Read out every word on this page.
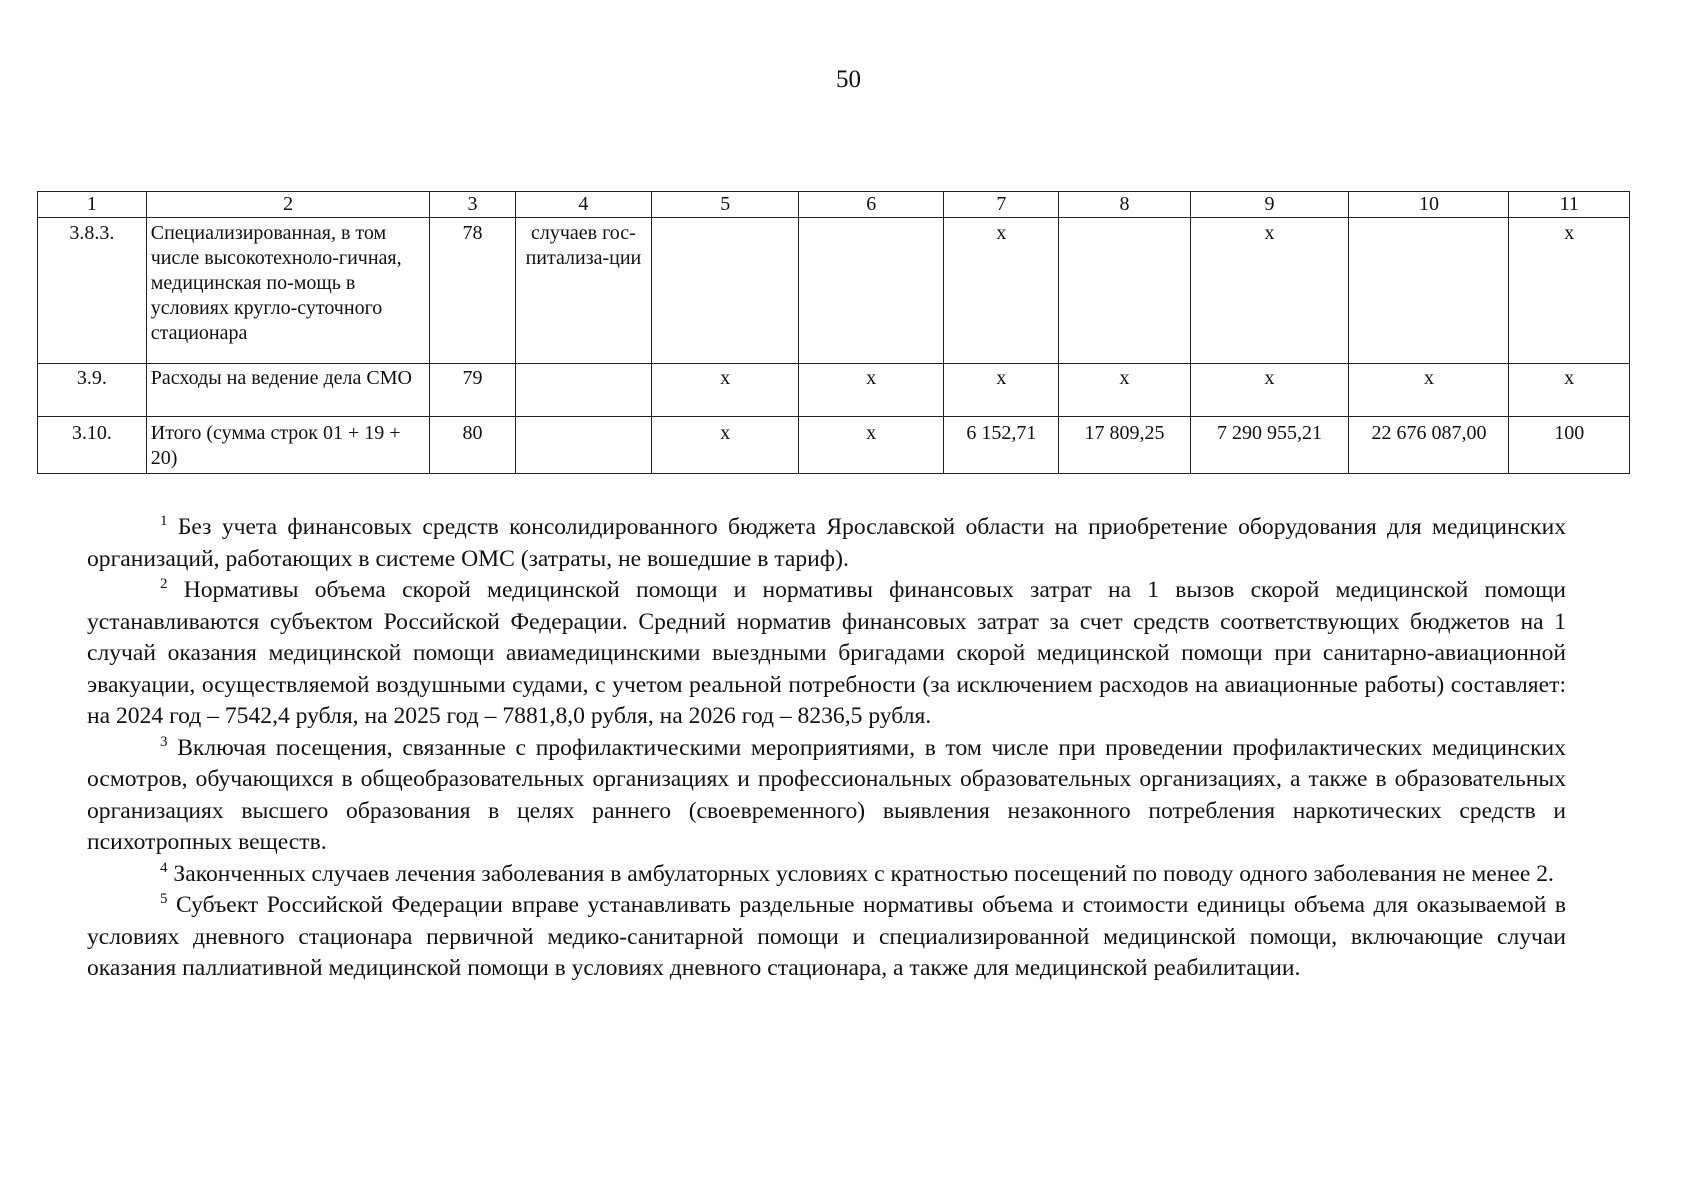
50
1	2	3	4	5	6	7	8	9	10	11
3.8.3.	Специализированная, в том числе высокотехноло-гичная, медицинская по-мощь в условиях кругло-суточного стационара	78	случаев гос-питализа-ции			х		х		х
3.9.	Расходы на ведение дела СМО	79		х	х	х	х	х	х	х
3.10.	Итого (сумма строк 01 + 19 + 20)	80		х	х	6 152,71	17 809,25	7 290 955,21	22 676 087,00	100

$^1$ Без учета финансовых средств консолидированного бюджета Ярославской области на приобретение оборудования для медицинских организаций, работающих в системе ОМС (затраты, не вошедшие в тариф).

$^2$ Нормативы объема скорой медицинской помощи и нормативы финансовых затрат на 1 вызов скорой медицинской помощи устанавливаются субъектом Российской Федерации. Средний норматив финансовых затрат за счет средств соответствующих бюджетов на 1 случай оказания медицинской помощи авиамедицинскими выездными бригадами скорой медицинской помощи при санитарно-авиационной эвакуации, осуществляемой воздушными судами, с учетом реальной потребности (за исключением расходов на авиационные работы) составляет: на 2024 год – 7542,4 рубля, на 2025 год – 7881,8,0 рубля, на 2026 год – 8236,5 рубля.

$^3$ Включая посещения, связанные с профилактическими мероприятиями, в том числе при проведении профилактических медицинских осмотров, обучающихся в общеобразовательных организациях и профессиональных образовательных организациях, а также в образовательных организациях высшего образования в целях раннего (своевременного) выявления незаконного потребления наркотических средств и психотропных веществ.

$^4$ Законченных случаев лечения заболевания в амбулаторных условиях с кратностью посещений по поводу одного заболевания не менее 2.

$^5$ Субъект Российской Федерации вправе устанавливать раздельные нормативы объема и стоимости единицы объема для оказываемой в условиях дневного стационара первичной медико-санитарной помощи и специализированной медицинской помощи, включающие случаи оказания паллиативной медицинской помощи в условиях дневного стационара, а также для медицинской реабилитации.
